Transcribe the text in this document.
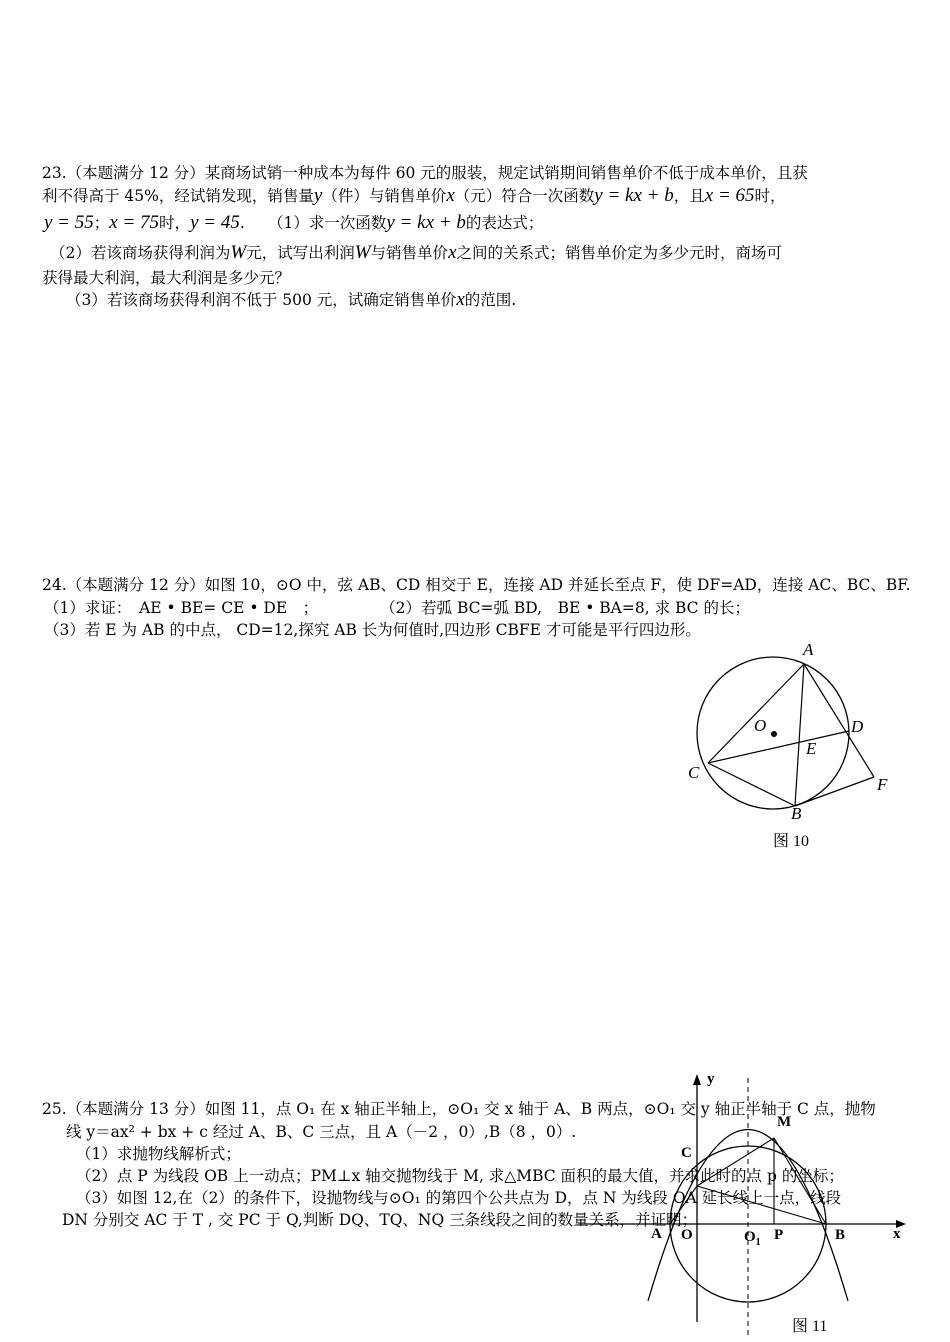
23.（本题满分 12 分）某商场试销一种成本为每件 60 元的服装，规定试销期间销售单价不低于成本单价，且获
利不得高于 45%，经试销发现，销售量y（件）与销售单价x（元）符合一次函数y = kx + b，且x = 65时，
y = 55；x = 75时，y = 45.　　（1）求一次函数y = kx + b的表达式；
（2）若该商场获得利润为W元，试写出利润W与销售单价x之间的关系式；销售单价定为多少元时，商场可
获得最大利润，最大利润是多少元？
（3）若该商场获得利润不低于 500 元，试确定销售单价x的范围.
24.（本题满分 12 分）如图 10，⊙O 中，弦 AB、CD 相交于 E，连接 AD 并延长至点 F，使 DF=AD，连接 AC、BC、BF.
（1）求证：　AE • BE= CE • DE　；　　　　　（2）若弧 BC=弧 BD,　BE • BA=8, 求 BC 的长；
（3）若 E 为 AB 的中点， CD=12,探究 AB 长为何值时,四边形 CBFE 才可能是平行四边形。
A
O	D
E
C
F
B
图 10
y
x
M
C
A O	$O_1$ P	B
图 11
25.（本题满分 13 分）如图 11，点 O₁ 在 x 轴正半轴上，⊙O₁ 交 x 轴于 A、B 两点，⊙O₁ 交 y 轴正半轴于 C 点，抛物
线 y＝ax² + bx + c 经过 A、B、C 三点，且 A（－2 ，0）,B（8 ，0）.
（1）求抛物线解析式；
（2）点 P 为线段 OB 上一动点；PM⊥x 轴交抛物线于 M, 求△MBC 面积的最大值，并求此时的点 p 的坐标；
（3）如图 12,在（2）的条件下，设抛物线与⊙O₁ 的第四个公共点为 D，点 N 为线段 OA 延长线上一点，线段
DN 分别交 AC 于 T , 交 PC 于 Q,判断 DQ、TQ、NQ 三条线段之间的数量关系，并证明；
